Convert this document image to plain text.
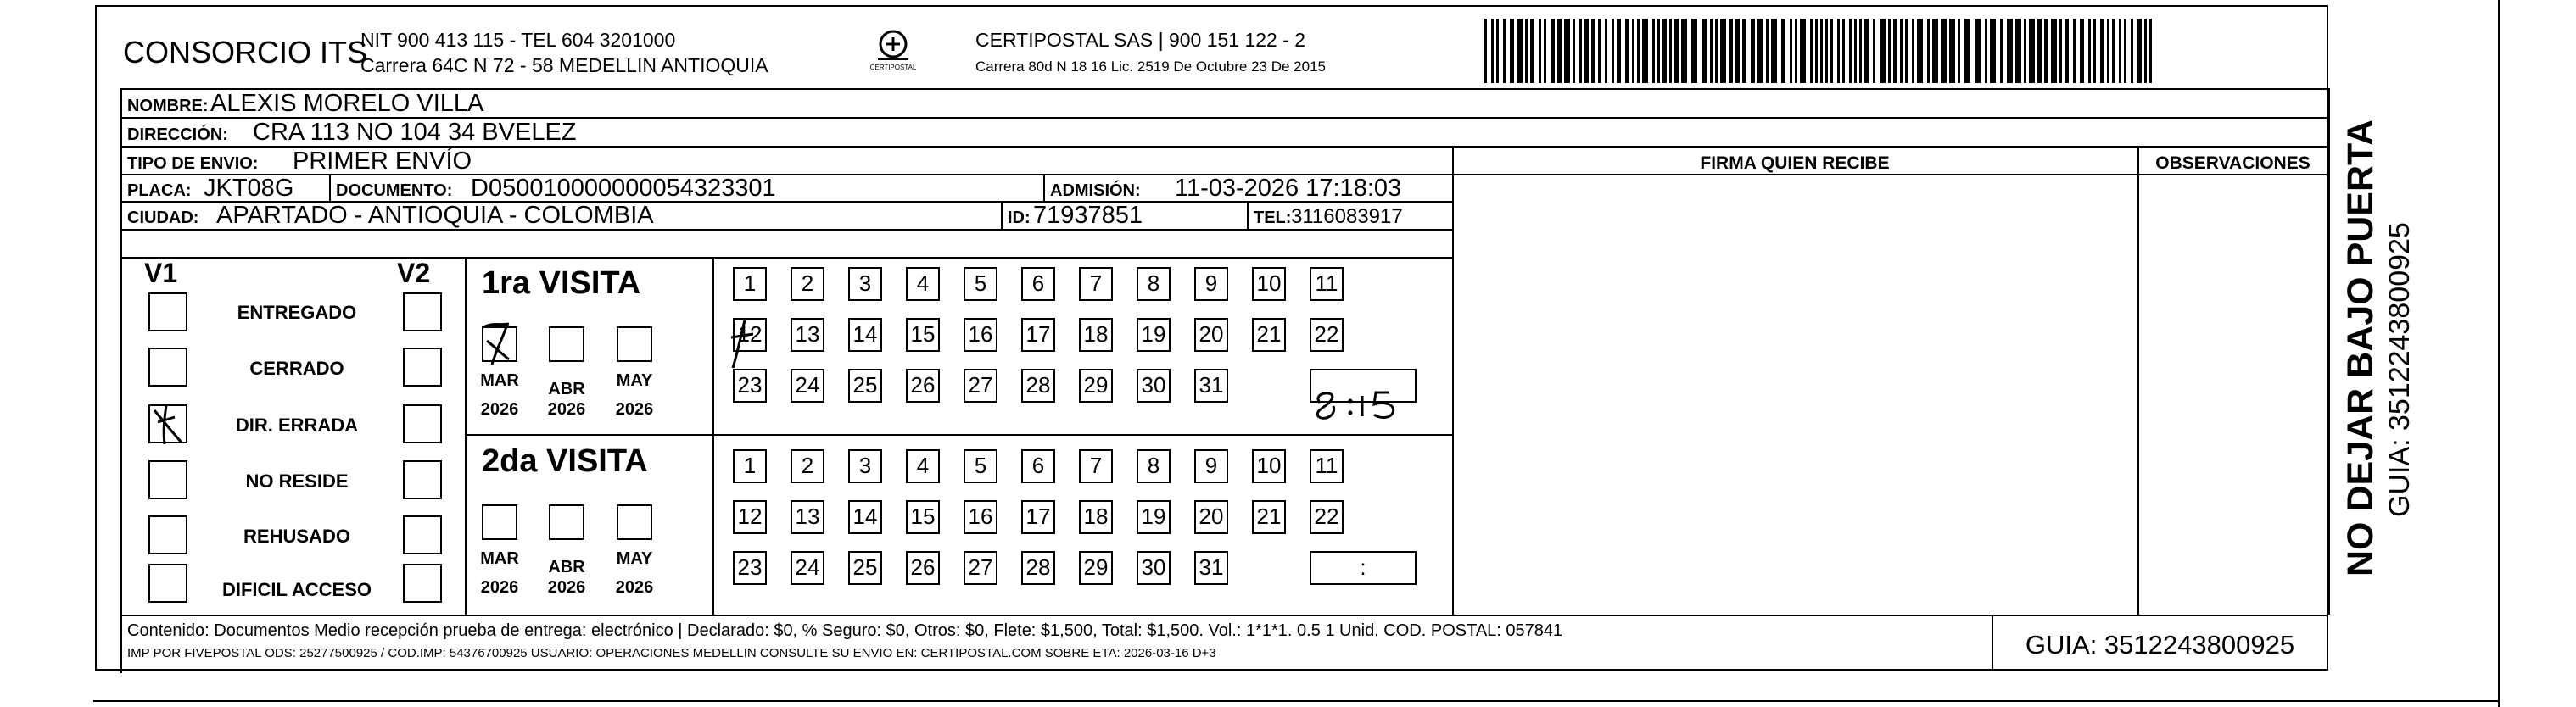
CONSORCIO ITS
NIT 900 413 115 - TEL 604 3201000
Carrera 64C N 72 - 58 MEDELLIN ANTIOQUIA	CERTIPOSTAL
CERTIPOSTAL SAS | 900 151 122 - 2
Carrera 80d N 18 16 Lic. 2519 De Octubre 23 De 2015
NOMBRE: ALEXIS MORELO VILLA
DIRECCIÓN: CRA 113 NO 104 34 BVELEZ
TIPO DE ENVIO: PRIMER ENVÍO
PLACA: JKT08G DOCUMENTO: D050010000000054323301	ADMISIÓN: 11-03-2026 17:18:03
CIUDAD: APARTADO - ANTIOQUIA - COLOMBIA	ID: 71937851	TEL: 3116083917
FIRMA QUIEN RECIBE	OBSERVACIONES
V1	V2
ENTREGADO
CERRADO
DIR. ERRADA
NO RESIDE
REHUSADO
DIFICIL ACCESO
1ra VISITA
MAR	ABR	MAY
2026	2026	2026
1	2	3	4	5	6	7	8	9	10 11
12 13 14 15 16 17 18 19 20 21 22
23 24 25 26 27 28 29 30 31
2da VISITA
MAR	ABR	MAY
2026	2026	2026
1	2	3	4	5	6	7	8	9	10 11
12 13 14 15 16 17 18 19 20 21 22
23 24 25 26 27 28 29 30 31	:
Contenido: Documentos Medio recepción prueba de entrega: electrónico | Declarado: $0, % Seguro: $0, Otros: $0, Flete: $1,500, Total: $1,500. Vol.: 1*1*1. 0.5 1 Unid. COD. POSTAL: 057841
IMP POR FIVEPOSTAL ODS: 25277500925 / COD.IMP: 54376700925 USUARIO: OPERACIONES MEDELLIN CONSULTE SU ENVIO EN: CERTIPOSTAL.COM SOBRE ETA: 2026-03-16 D+3	GUIA: 3512243800925
NO DEJAR BAJO PUERTA GUIA: 3512243800925
